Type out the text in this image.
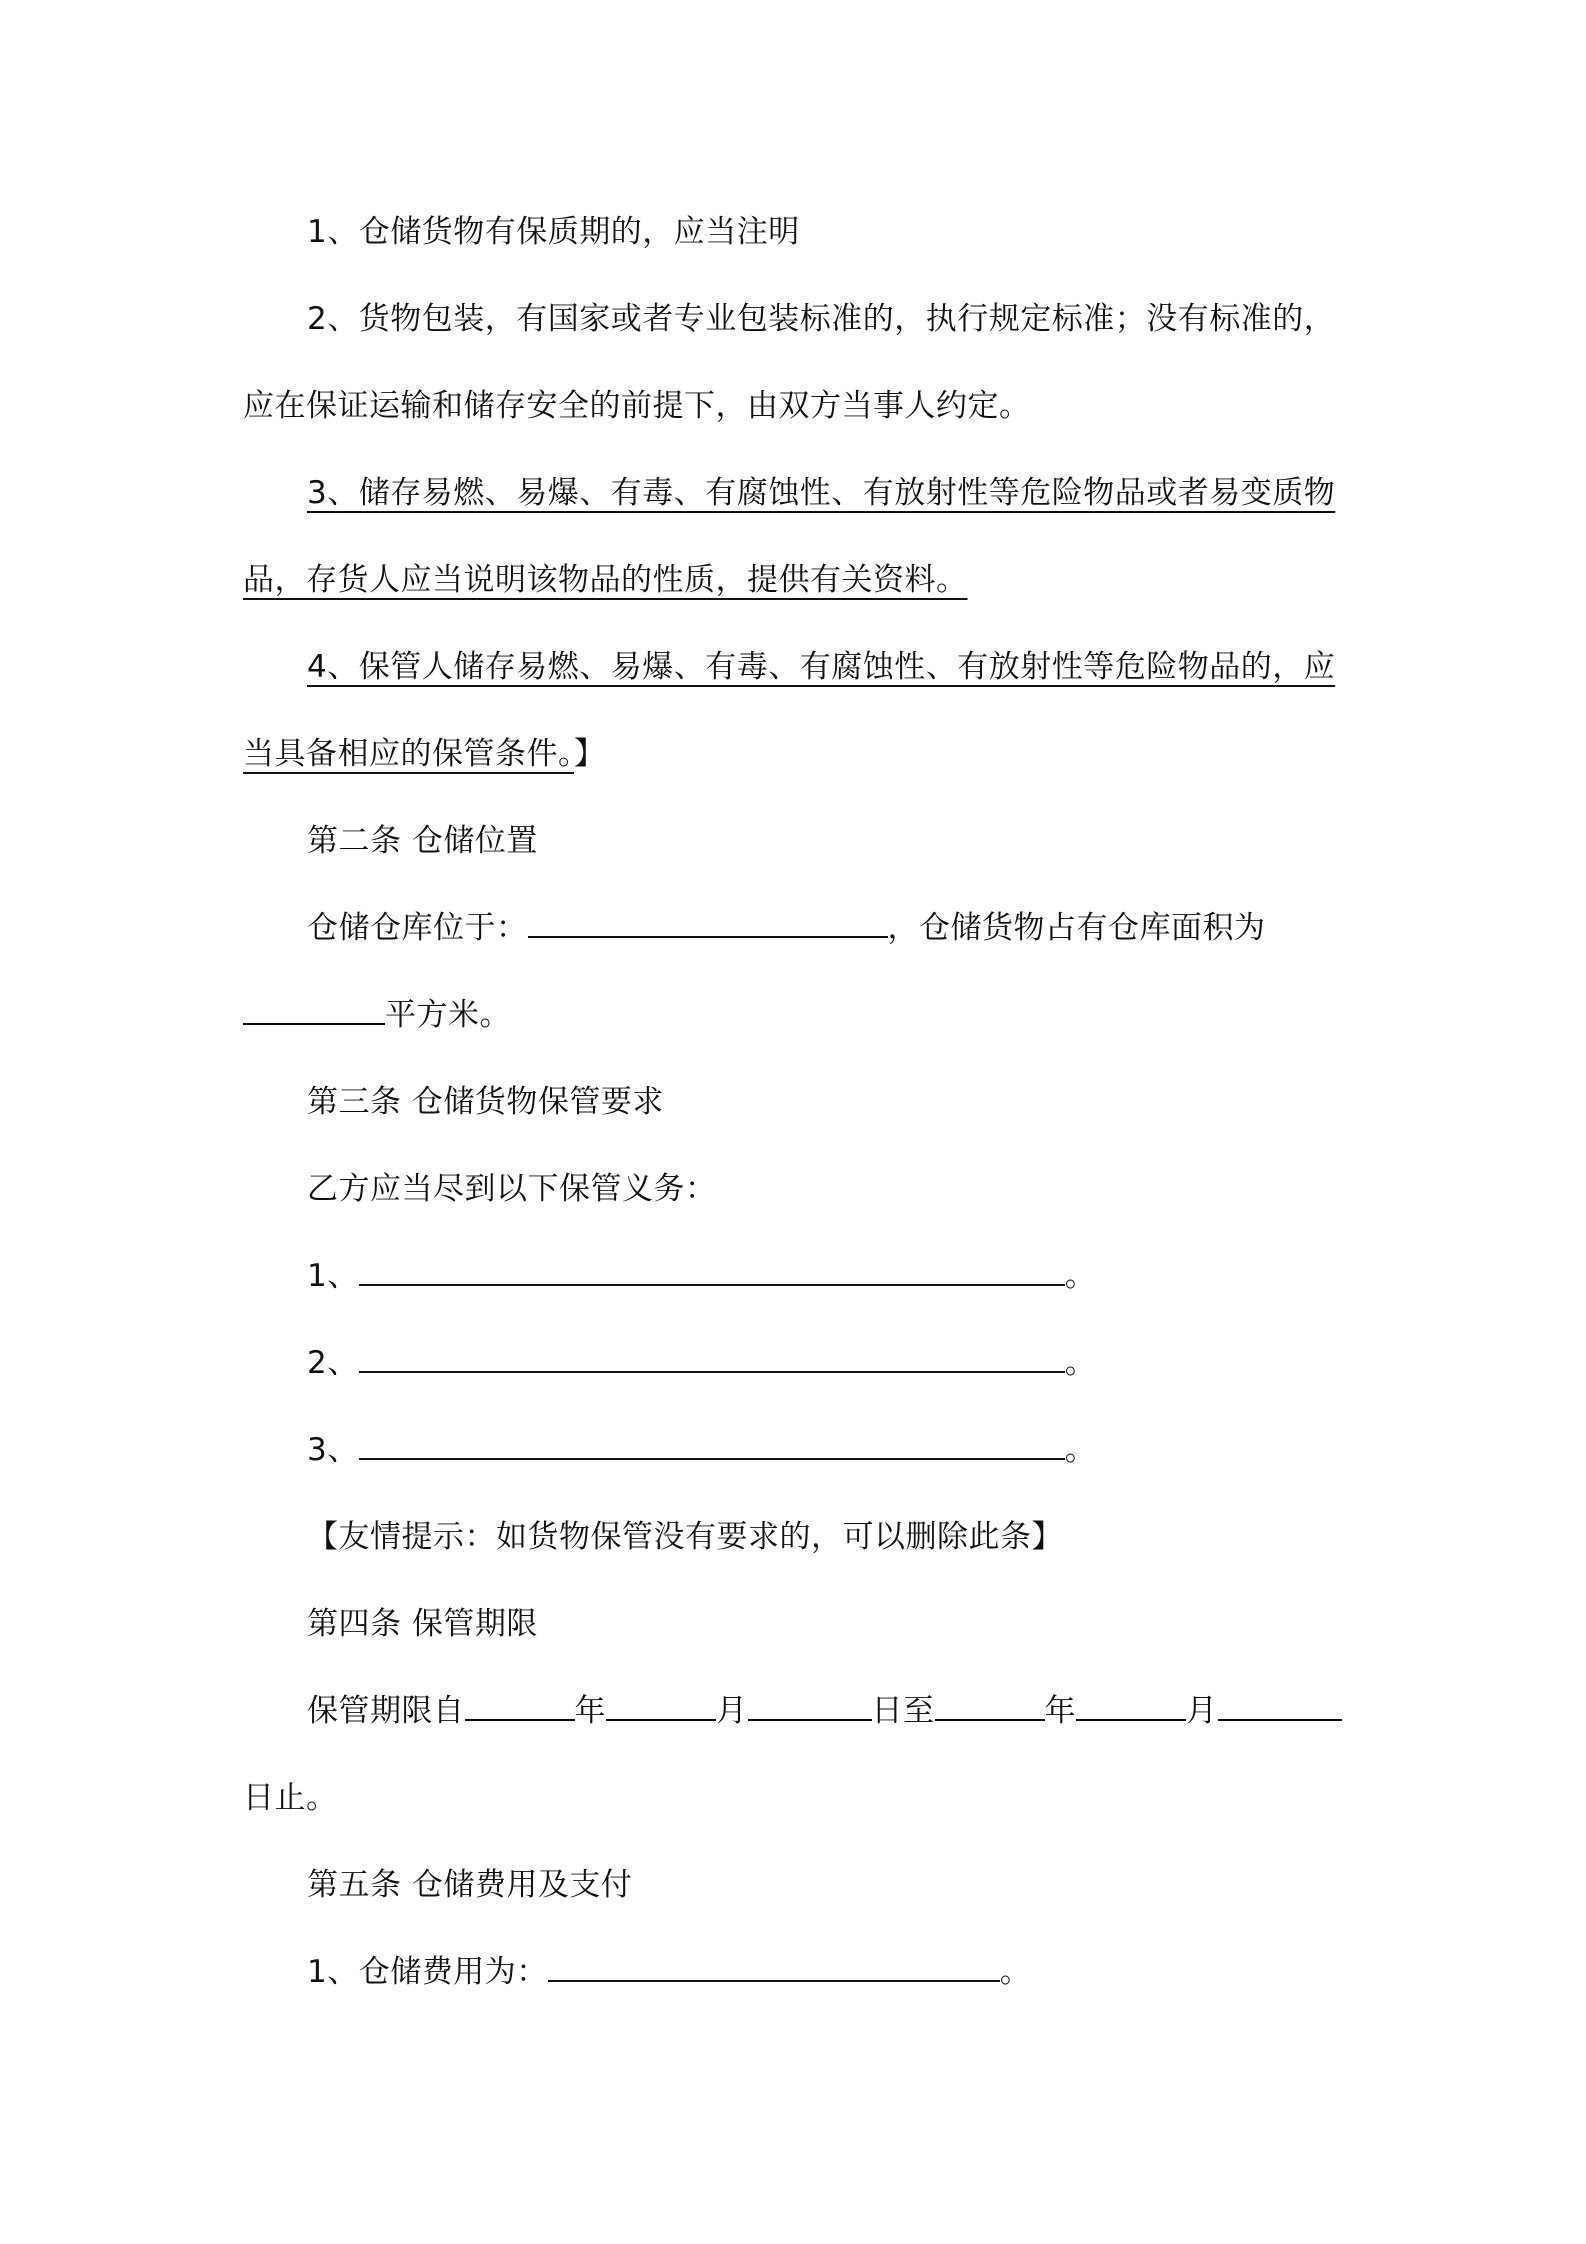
1、仓储货物有保质期的，应当注明
2、货物包装，有国家或者专业包装标准的，执行规定标准；没有标准的，
应在保证运输和储存安全的前提下，由双方当事人约定。
3、储存易燃、易爆、有毒、有腐蚀性、有放射性等危险物品或者易变质物
品，存货人应当说明该物品的性质，提供有关资料。
4、保管人储存易燃、易爆、有毒、有腐蚀性、有放射性等危险物品的，应
当具备相应的保管条件。】
第二条 仓储位置
仓储仓库位于：	，仓储货物占有仓库面积为
平方米。
第三条 仓储货物保管要求
乙方应当尽到以下保管义务：
1、	。
2、	。
3、	。
【友情提示：如货物保管没有要求的，可以删除此条】
第四条 保管期限
保管期限自	年	月	日至	年	月
日止。
第五条 仓储费用及支付
1、仓储费用为：	。
